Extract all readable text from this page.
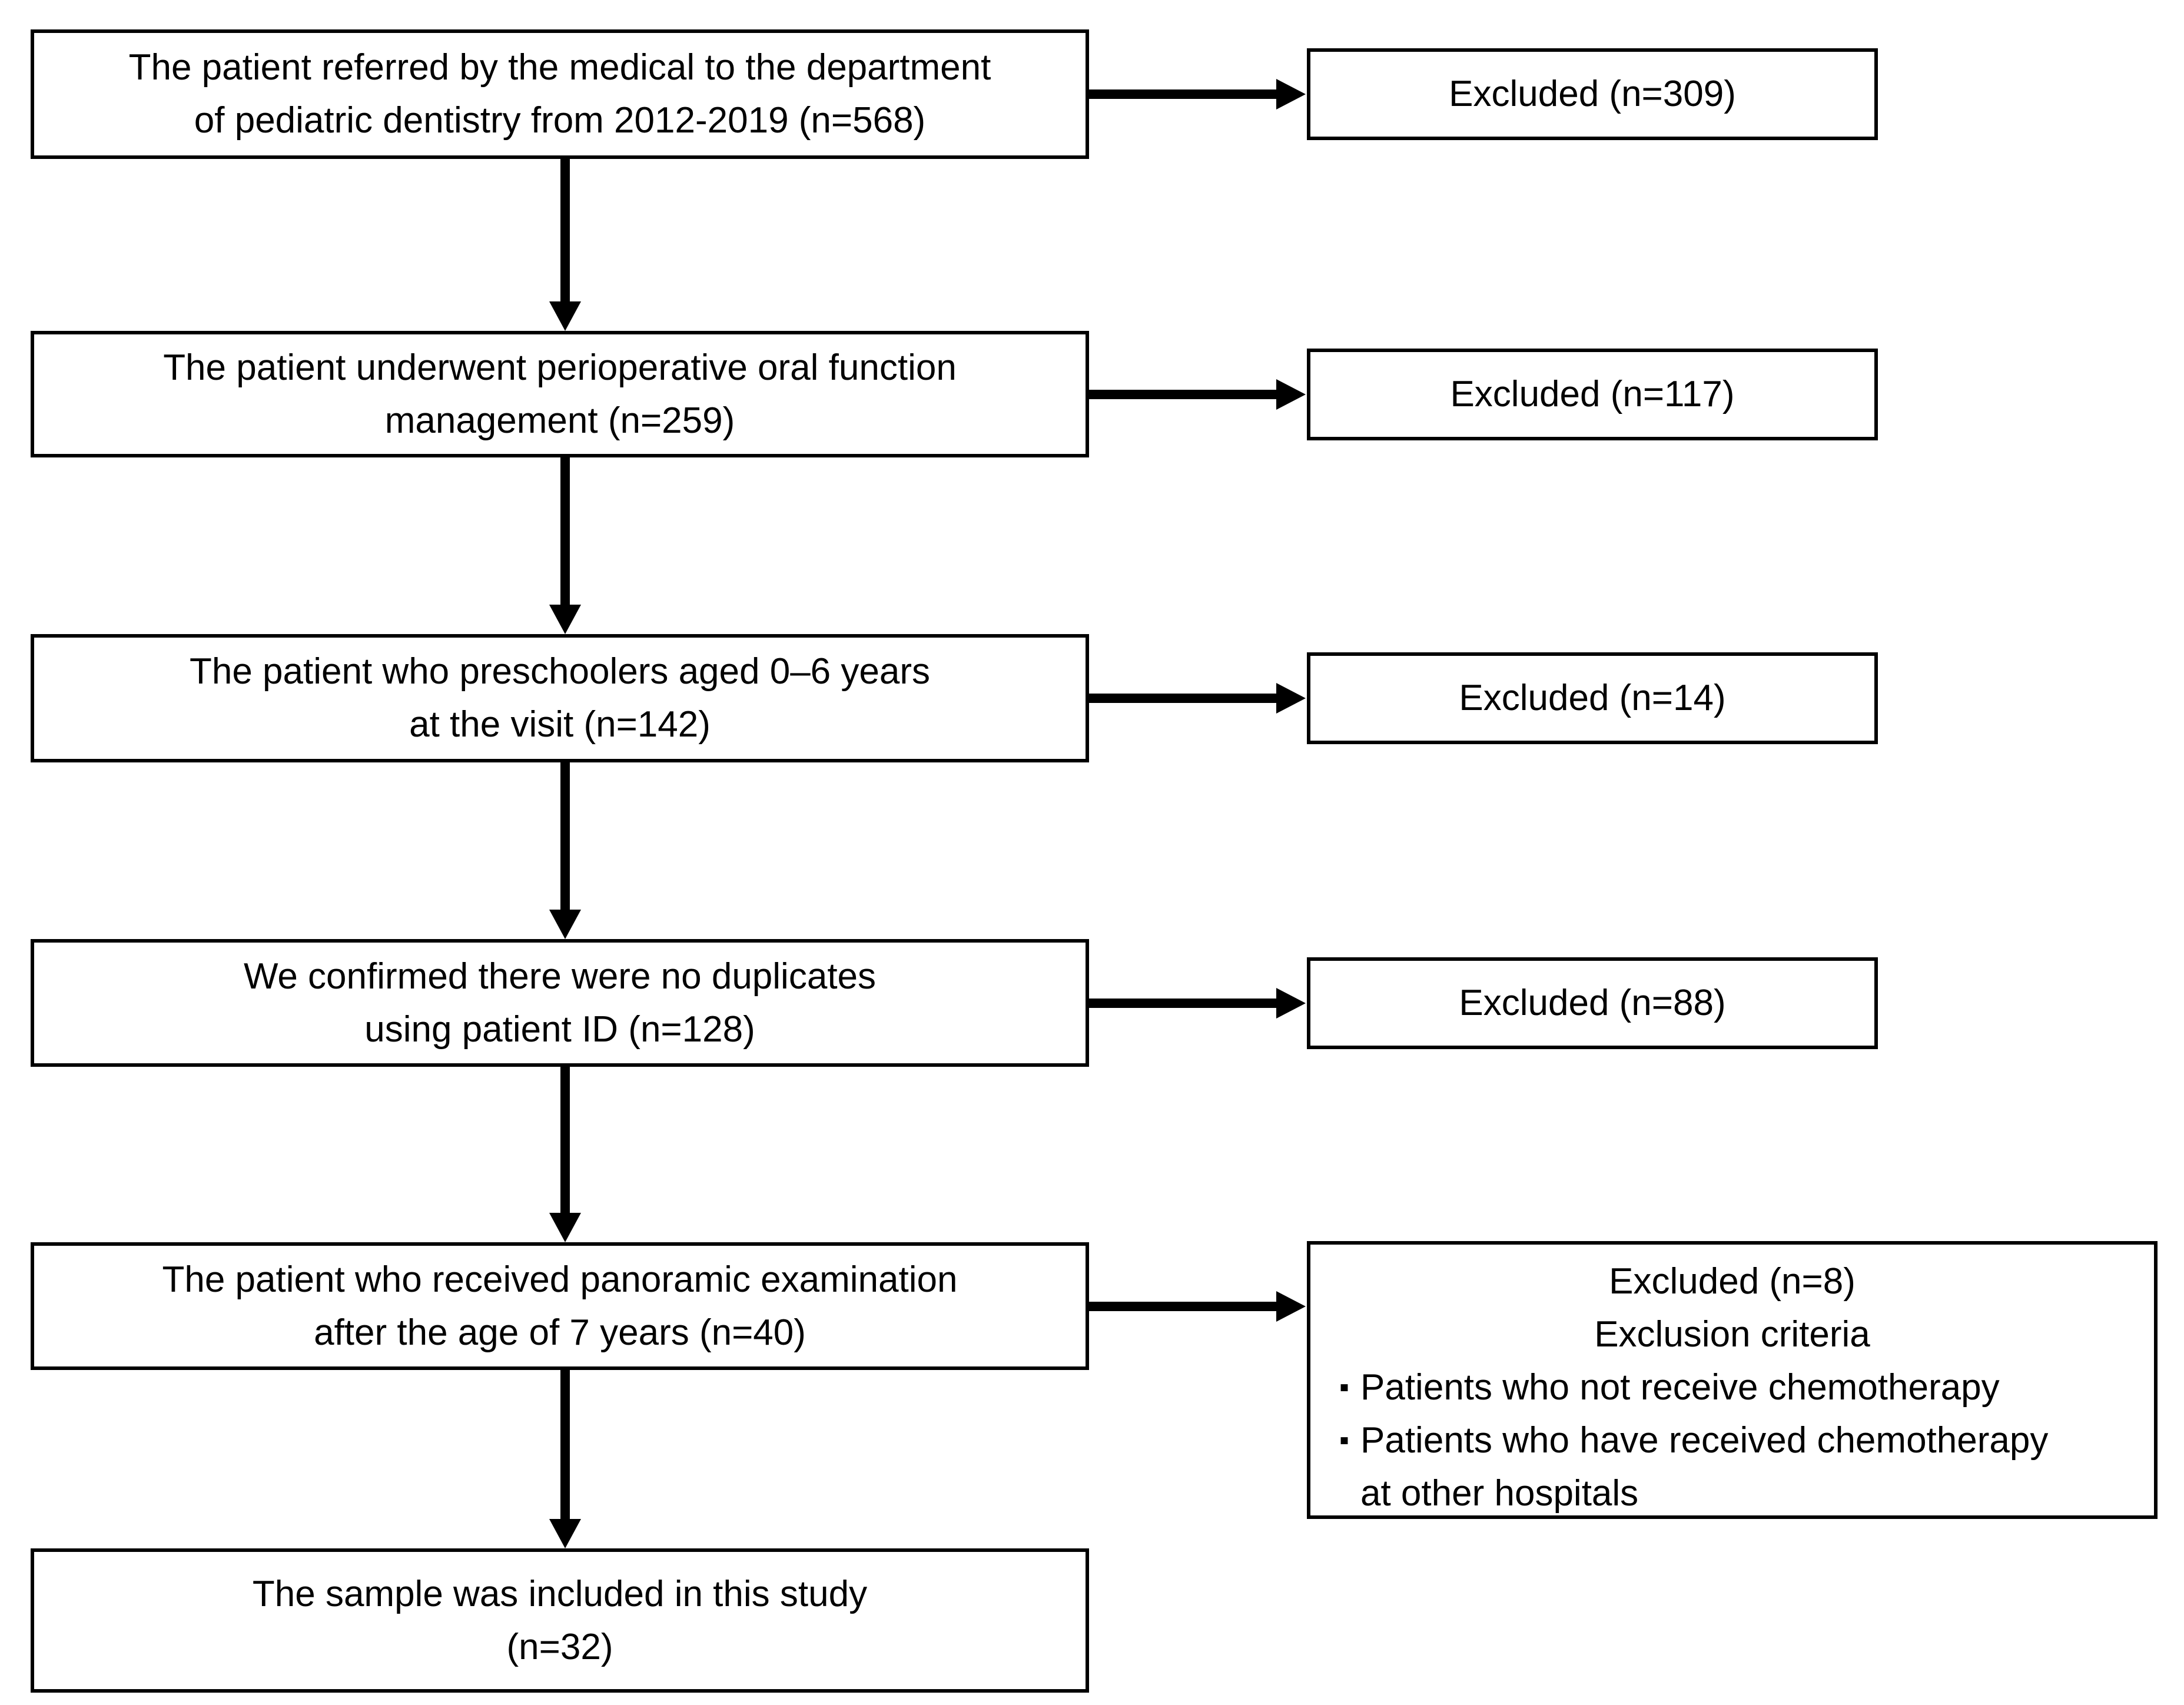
The patient referred by the medical to the department
of pediatric dentistry from 2012-2019 (n=568)
The patient underwent perioperative oral function
management (n=259)
The patient who preschoolers aged 0–6 years
at the visit (n=142)
We confirmed there were no duplicates
using patient ID (n=128)
The patient who received panoramic examination
after the age of 7 years (n=40)
The sample was included in this study
(n=32)
Excluded (n=309)
Excluded (n=117)
Excluded (n=14)
Excluded (n=88)
Excluded (n=8)
Exclusion criteria
▪ Patients who not receive chemotherapy
▪ Patients who have received chemotherapy
at other hospitals
